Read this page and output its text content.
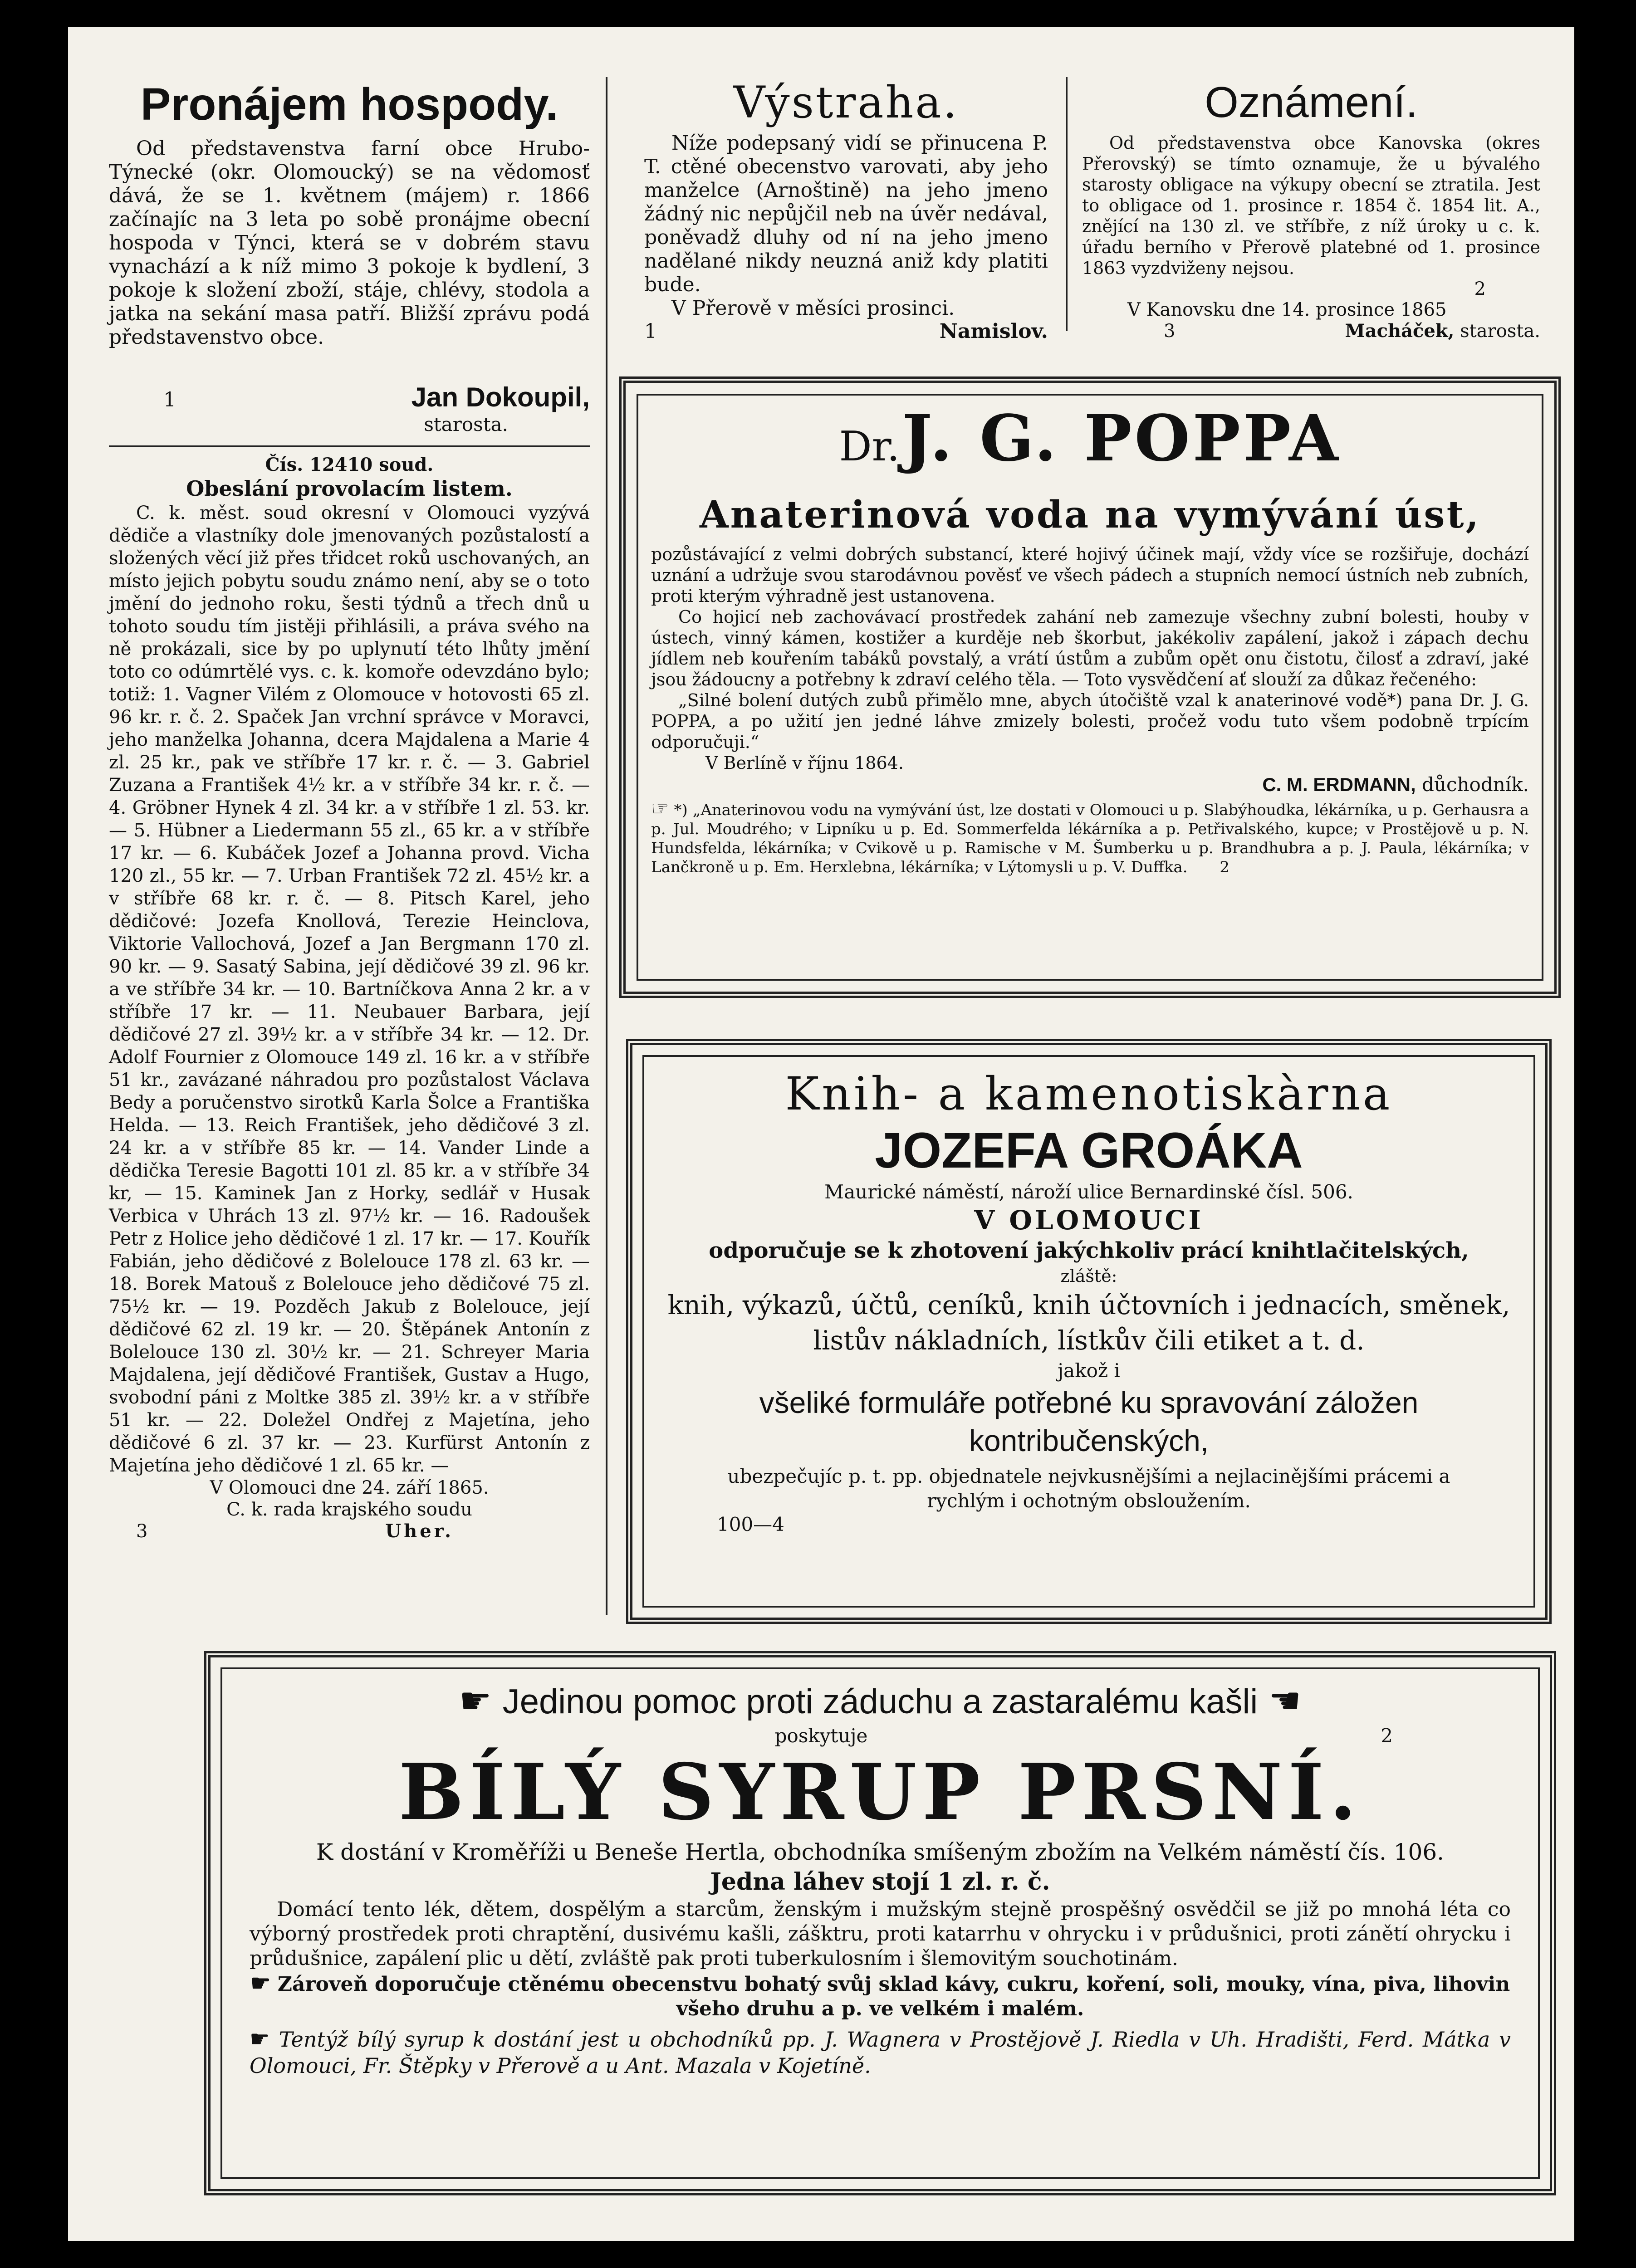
Pronájem hospody.

Od představenstva farní obce Hrubo-Týnecké (okr. Olomoucký) se na vědomosť dává, že se 1. květnem (májem) r. 1866 začínajíc na 3 leta po sobě pronájme obecní hospoda v Týnci, která se v dobrém stavu vynachází a k níž mimo 3 pokoje k bydlení, 3 pokoje k složení zboží, stáje, chlévy, stodola a jatka na sekání masa patří. Bližší zprávu podá představenstvo obce.

1	Jan Dokoupil,
starosta.
Čís. 12410 soud.
Obeslání provolacím listem.

C. k. měst. soud okresní v Olomouci vyzývá dědiče a vlastníky dole jmenovaných pozůstalostí a složených věcí již přes třidcet roků uschovaných, an místo jejich pobytu soudu známo není, aby se o toto jmění do jednoho roku, šesti týdnů a třech dnů u tohoto soudu tím jistěji přihlásili, a práva svého na ně prokázali, sice by po uplynutí této lhůty jmění toto co odúmrtělé vys. c. k. komoře odevzdáno bylo; totiž: 1. Vagner Vilém z Olomouce v hotovosti 65 zl. 96 kr. r. č. 2. Spaček Jan vrchní správce v Moravci, jeho manželka Johanna, dcera Majdalena a Marie 4 zl. 25 kr., pak ve stříbře 17 kr. r. č. — 3. Gabriel Zuzana a František 4½ kr. a v stříbře 34 kr. r. č. — 4. Gröbner Hynek 4 zl. 34 kr. a v stříbře 1 zl. 53. kr. — 5. Hübner a Liedermann 55 zl., 65 kr. a v stříbře 17 kr. — 6. Kubáček Jozef a Johanna provd. Vicha 120 zl., 55 kr. — 7. Urban František 72 zl. 45½ kr. a v stříbře 68 kr. r. č. — 8. Pitsch Karel, jeho dědičové: Jozefa Knollová, Terezie Heinclova, Viktorie Vallochová, Jozef a Jan Bergmann 170 zl. 90 kr. — 9. Sasatý Sabina, její dědičové 39 zl. 96 kr. a ve stříbře 34 kr. — 10. Bartníčkova Anna 2 kr. a v stříbře 17 kr. — 11. Neubauer Barbara, její dědičové 27 zl. 39½ kr. a v stříbře 34 kr. — 12. Dr. Adolf Fournier z Olomouce 149 zl. 16 kr. a v stříbře 51 kr., zavázané náhradou pro pozůstalost Václava Bedy a poručenstvo sirotků Karla Šolce a Františka Helda. — 13. Reich František, jeho dědičové 3 zl. 24 kr. a v stříbře 85 kr. — 14. Vander Linde a dědička Teresie Bagotti 101 zl. 85 kr. a v stříbře 34 kr, — 15. Kaminek Jan z Horky, sedlář v Husak Verbica v Uhrách 13 zl. 97½ kr. — 16. Radoušek Petr z Holice jeho dědičové 1 zl. 17 kr. — 17. Kouřík Fabián, jeho dědičové z Bolelouce 178 zl. 63 kr. — 18. Borek Matouš z Bolelouce jeho dědičové 75 zl. 75½ kr. — 19. Pozděch Jakub z Bolelouce, její dědičové 62 zl. 19 kr. — 20. Štěpánek Antonín z Bolelouce 130 zl. 30½ kr. — 21. Schreyer Maria Majdalena, její dědičové František, Gustav a Hugo, svobodní páni z Moltke 385 zl. 39½ kr. a v stříbře 51 kr. — 22. Doležel Ondřej z Majetína, jeho dědičové 6 zl. 37 kr. — 23. Kurfürst Antonín z Majetína jeho dědičové 1 zl. 65 kr. —

V Olomouci dne 24. září 1865.
C. k. rada krajského soudu
3	Uher.
Výstraha.

Níže podepsaný vidí se přinucena P. T. ctěné obecenstvo varovati, aby jeho manželce (Arnoštině) na jeho jmeno žádný nic nepůjčil neb na úvěr nedával, poněvadž dluhy od ní na jeho jmeno nadělané nikdy neuzná aniž kdy platiti bude.

V Přerově v měsíci prosinci.
1	Namislov.
Oznámení.

Od představenstva obce Kanovska (okres Přerovský) se tímto oznamuje, že u bývalého starosty obligace na výkupy obecní se ztratila. Jest to obligace od 1. prosince r. 1854 č. 1854 lit. A., znějící na 130 zl. ve stříbře, z níž úroky u c. k. úřadu berního v Přerově platebné od 1. prosince 1863 vyzdviženy nejsou.

2
V Kanovsku dne 14. prosince 1865
3	Macháček, starosta.
Dr. J. G. POPPA
Anaterinová voda na vymývání úst,

pozůstávající z velmi dobrých substancí, které hojivý účinek mají, vždy více se rozšiřuje, dochází uznání a udržuje svou starodávnou pověsť ve všech pádech a stupních nemocí ústních neb zubních, proti kterým výhradně jest ustanovena.

Co hojicí neb zachovávací prostředek zahání neb zamezuje všechny zubní bolesti, houby v ústech, vinný kámen, kostižer a kurděje neb škorbut, jakékoliv zapálení, jakož i zápach dechu jídlem neb kouřením tabáků povstalý, a vrátí ústům a zubům opět onu čistotu, čilosť a zdraví, jaké jsou žádoucny a potřebny k zdraví celého těla. — Toto vysvědčení ať slouží za důkaz řečeného:

„Silné bolení dutých zubů přimělo mne, abych útočiště vzal k anaterinové vodě*) pana Dr. J. G. POPPA, a po užití jen jedné láhve zmizely bolesti, pročež vodu tuto všem podobně trpícím odporučuji.“

V Berlíně v říjnu 1864.
C. M. ERDMANN, důchodník.
☞ *) „Anaterinovou vodu na vymývání úst, lze dostati v Olomouci u p. Slabýhoudka, lékárníka, u p. Gerhausra a p. Jul. Moudrého; v Lipníku u p. Ed. Sommerfelda lékárníka a p. Petřivalského, kupce; v Prostějově u p. N. Hundsfelda, lékárníka; v Cvikově u p. Ramische v M. Šumberku u p. Brandhubra a p. J. Paula, lékárníka; v Lančkroně u p. Em. Herxlebna, lékárníka; v Lýtomysli u p. V. Duffka. 2
Knih- a kamenotiskàrna
JOZEFA GROÁKA
Maurické náměstí, nároží ulice Bernardinské čísl. 506.
V OLOMOUCI
odporučuje se k zhotovení jakýchkoliv prácí knihtlačitelských,
zláště:
knih, výkazů, účtů, ceníků, knih účtovních i jednacích, směnek, listův nákladních, lístkův čili etiket a t. d.
jakož i
všeliké formuláře potřebné ku spravování záložen kontribučenských,
ubezpečujíc p. t. pp. objednatele nejvkusnějšími a nejlacinějšími prácemi a rychlým i ochotným obsloužením.
100—4
☛ Jedinou pomoc proti záduchu a zastaralému kašli ☚
poskytuje	2
BÍLÝ SYRUP PRSNÍ.
K dostání v Kroměříži u Beneše Hertla, obchodníka smíšeným zbožím na Velkém náměstí čís. 106.
Jedna láhev stojí 1 zl. r. č.

Domácí tento lék, dětem, dospělým a starcům, ženským i mužským stejně prospěšný osvědčil se již po mnohá léta co výborný prostředek proti chraptění, dusivému kašli, zášktru, proti katarrhu v ohrycku i v průdušnici, proti zánětí ohrycku i průdušnice, zapálení plic u dětí, zvláště pak proti tuberkulosním i šlemovitým souchotinám.

☛ Zároveň doporučuje ctěnému obecenstvu bohatý svůj sklad kávy, cukru, koření, soli, mouky, vína, piva, lihovin všeho druhu a p. ve velkém i malém.
☛ Tentýž bílý syrup k dostání jest u obchodníků pp. J. Wagnera v Prostějově J. Riedla v Uh. Hradišti, Ferd. Mátka v Olomouci, Fr. Štěpky v Přerově a u Ant. Mazala v Kojetíně.
